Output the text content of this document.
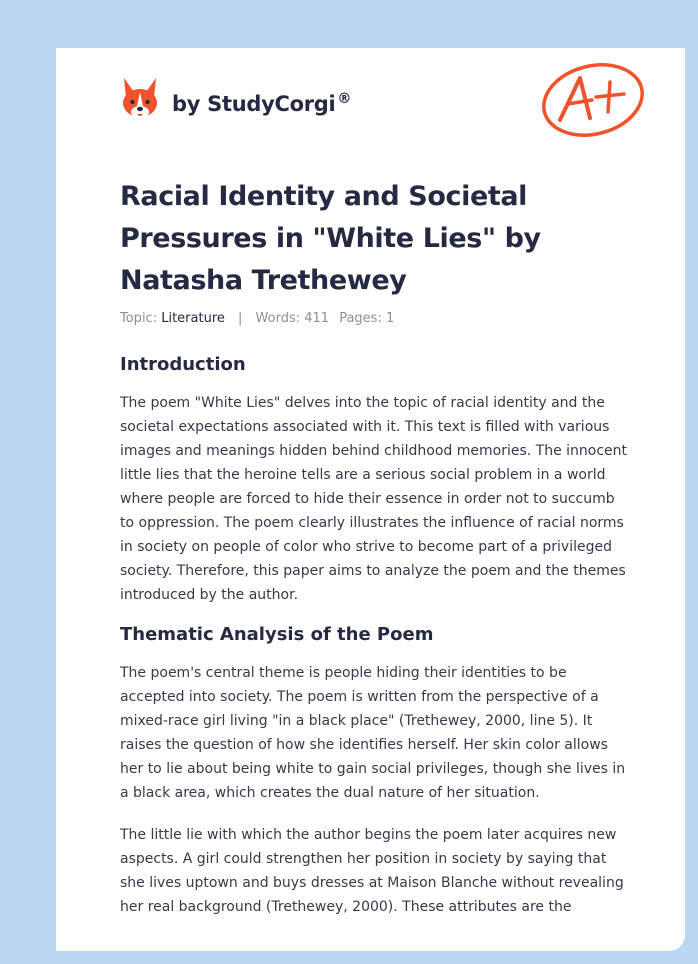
by StudyCorgi ®
Racial Identity and Societal Pressures in "White Lies" by Natasha Trethewey
Topic: Literature | Words: 411 Pages: 1
Introduction

The poem "White Lies" delves into the topic of racial identity and the societal expectations associated with it. This text is filled with various images and meanings hidden behind childhood memories. The innocent little lies that the heroine tells are a serious social problem in a world where people are forced to hide their essence in order not to succumb to oppression. The poem clearly illustrates the influence of racial norms in society on people of color who strive to become part of a privileged society. Therefore, this paper aims to analyze the poem and the themes introduced by the author.

Thematic Analysis of the Poem

The poem's central theme is people hiding their identities to be accepted into society. The poem is written from the perspective of a mixed-race girl living "in a black place" (Trethewey, 2000, line 5). It raises the question of how she identifies herself. Her skin color allows her to lie about being white to gain social privileges, though she lives in a black area, which creates the dual nature of her situation.

The little lie with which the author begins the poem later acquires new aspects. A girl could strengthen her position in society by saying that she lives uptown and buys dresses at Maison Blanche without revealing her real background (Trethewey, 2000). These attributes are the
